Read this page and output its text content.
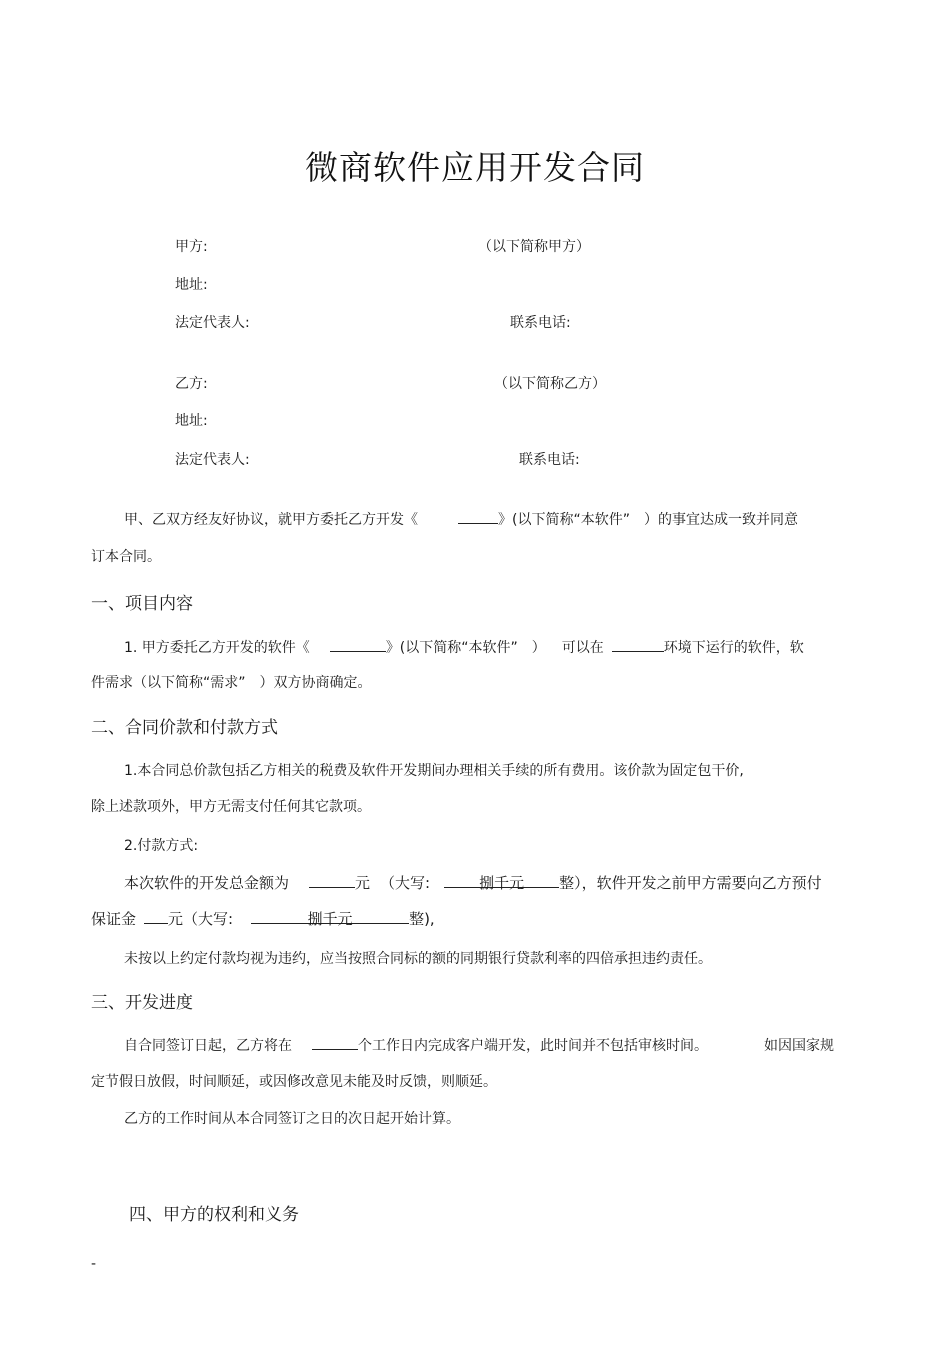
微商软件应用开发合同
甲方:	（以下简称甲方）
地址:
法定代表人:	联系电话:
乙方:	（以下简称乙方）
地址:
法定代表人:	联系电话:
甲、乙双方经友好协议，就甲方委托乙方开发《	》(以下简称“本软件” ）的事宜达成一致并同意
订本合同。
一、项目内容
1. 甲方委托乙方开发的软件《	》(以下简称“本软件” ） 可以在	环境下运行的软件，软
件需求（以下简称“需求” ）双方协商确定。
二、合同价款和付款方式
1.本合同总价款包括乙方相关的税费及软件开发期间办理相关手续的所有费用。该价款为固定包干价,
除上述款项外，甲方无需支付任何其它款项。
2.付款方式:
本次软件的开发总金额为	元 （大写:	捌千元 整），软件开发之前甲方需要向乙方预付
保证金 元（大写:	捌千元	整),
未按以上约定付款均视为违约，应当按照合同标的额的同期银行贷款利率的四倍承担违约责任。
三、开发进度
自合同签订日起，乙方将在	个工作日内完成客户端开发，此时间并不包括审核时间。	如因国家规
定节假日放假，时间顺延，或因修改意见未能及时反馈，则顺延。
乙方的工作时间从本合同签订之日的次日起开始计算。
四、甲方的权利和义务
-
